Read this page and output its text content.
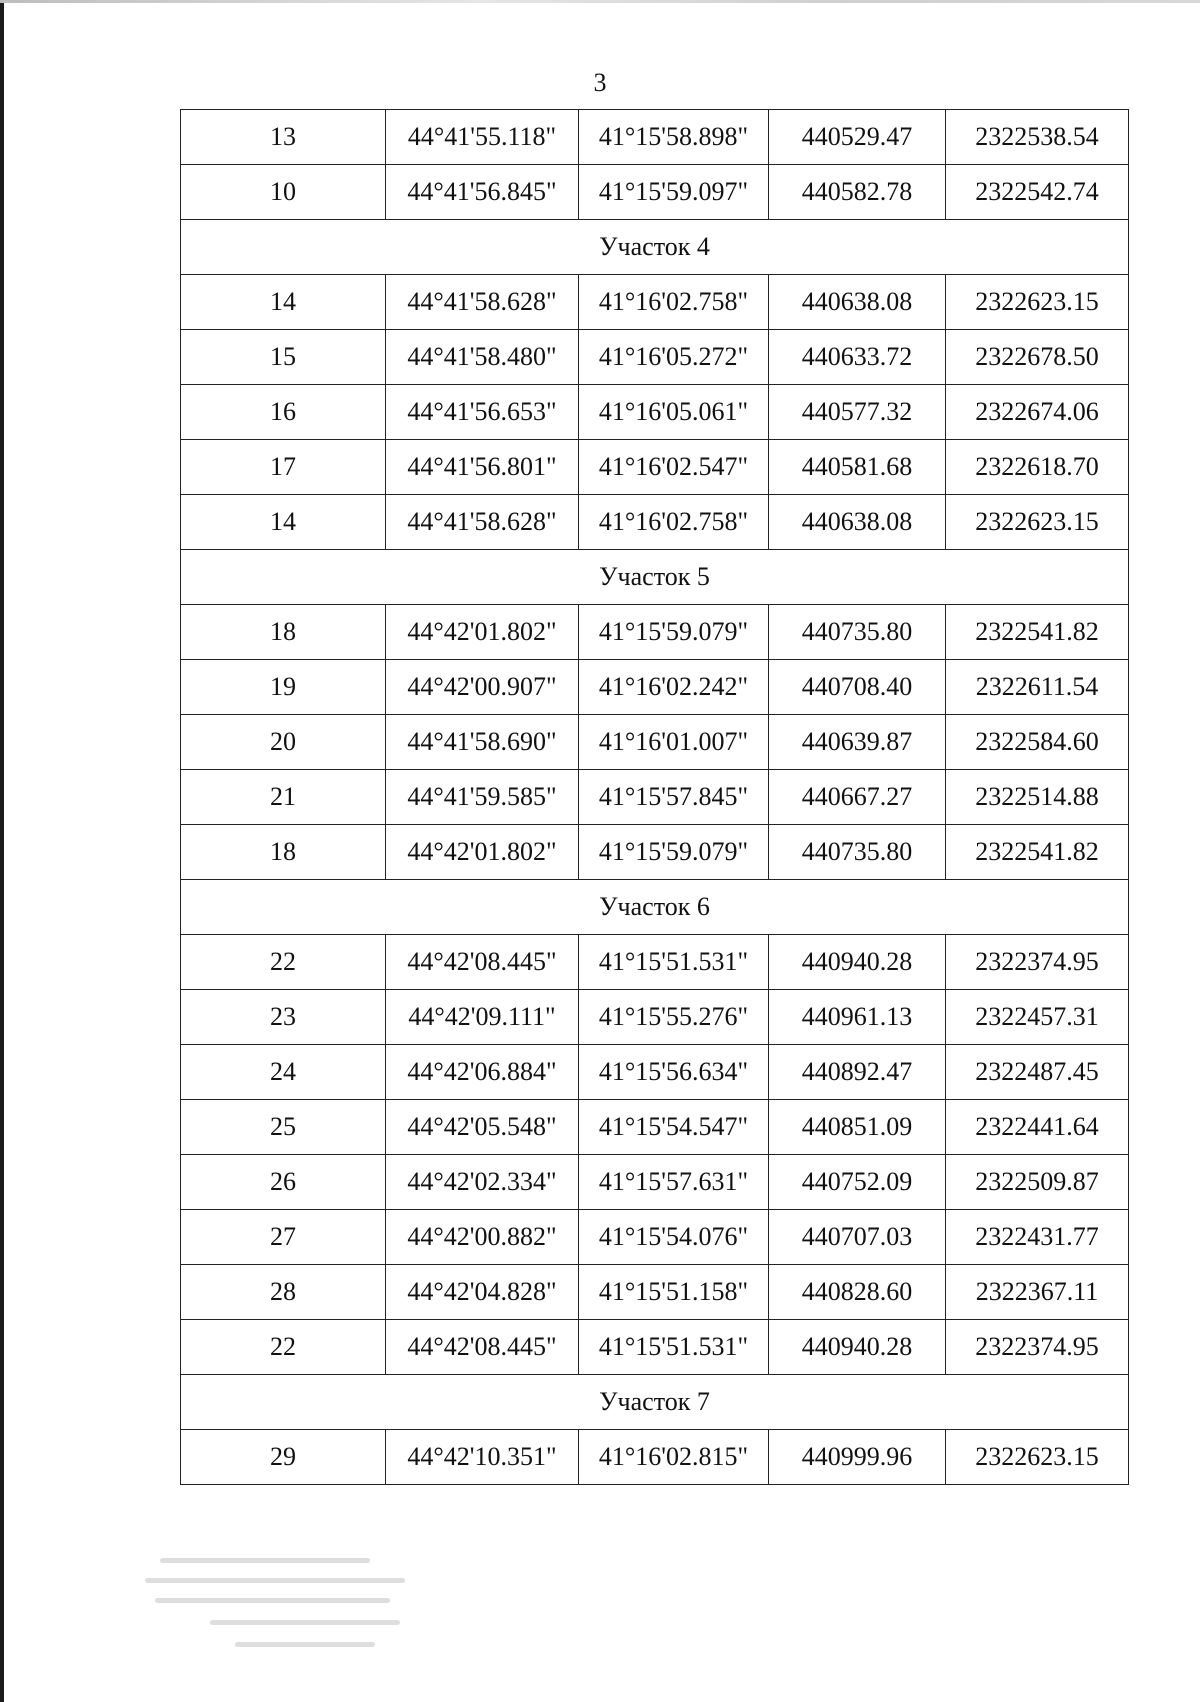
3
13	44°41'55.118"	41°15'58.898"	440529.47	2322538.54
10	44°41'56.845"	41°15'59.097"	440582.78	2322542.74
Участок 4				
14	44°41'58.628"	41°16'02.758"	440638.08	2322623.15
15	44°41'58.480"	41°16'05.272"	440633.72	2322678.50
16	44°41'56.653"	41°16'05.061"	440577.32	2322674.06
17	44°41'56.801"	41°16'02.547"	440581.68	2322618.70
14	44°41'58.628"	41°16'02.758"	440638.08	2322623.15
Участок 5				
18	44°42'01.802"	41°15'59.079"	440735.80	2322541.82
19	44°42'00.907"	41°16'02.242"	440708.40	2322611.54
20	44°41'58.690"	41°16'01.007"	440639.87	2322584.60
21	44°41'59.585"	41°15'57.845"	440667.27	2322514.88
18	44°42'01.802"	41°15'59.079"	440735.80	2322541.82
Участок 6				
22	44°42'08.445"	41°15'51.531"	440940.28	2322374.95
23	44°42'09.111"	41°15'55.276"	440961.13	2322457.31
24	44°42'06.884"	41°15'56.634"	440892.47	2322487.45
25	44°42'05.548"	41°15'54.547"	440851.09	2322441.64
26	44°42'02.334"	41°15'57.631"	440752.09	2322509.87
27	44°42'00.882"	41°15'54.076"	440707.03	2322431.77
28	44°42'04.828"	41°15'51.158"	440828.60	2322367.11
22	44°42'08.445"	41°15'51.531"	440940.28	2322374.95
Участок 7				
29	44°42'10.351"	41°16'02.815"	440999.96	2322623.15
